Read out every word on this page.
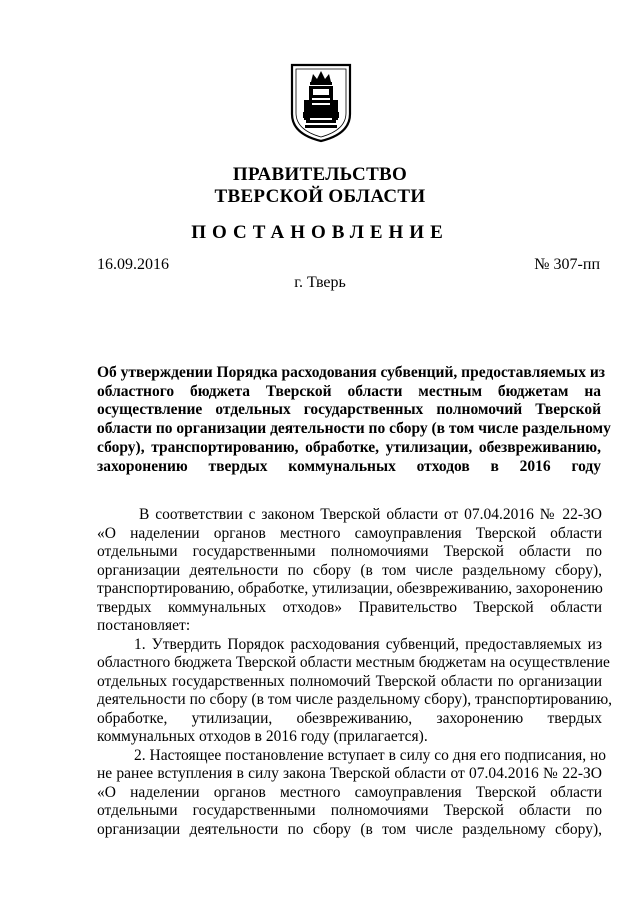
ПРАВИТЕЛЬСТВО
ТВЕРСКОЙ ОБЛАСТИ
ПОСТАНОВЛЕНИЕ
16.09.2016	№ 307-пп
г. Тверь
Об утверждении Порядка расходования субвенций, предоставляемых из
областного бюджета Тверской области местным бюджетам на
осуществление отдельных государственных полномочий Тверской
области по организации деятельности по сбору (в том числе раздельному
сбору), транспортированию, обработке, утилизации, обезвреживанию,
захоронению твердых коммунальных отходов в 2016 году
В соответствии с законом Тверской области от 07.04.2016 № 22-ЗО
«О наделении органов местного самоуправления Тверской области
отдельными государственными полномочиями Тверской области по
организации деятельности по сбору (в том числе раздельному сбору),
транспортированию, обработке, утилизации, обезвреживанию, захоронению
твердых коммунальных отходов» Правительство Тверской области
постановляет:
1. Утвердить Порядок расходования субвенций, предоставляемых из
областного бюджета Тверской области местным бюджетам на осуществление
отдельных государственных полномочий Тверской области по организации
деятельности по сбору (в том числе раздельному сбору), транспортированию,
обработке, утилизации, обезвреживанию, захоронению твердых
коммунальных отходов в 2016 году (прилагается).
2. Настоящее постановление вступает в силу со дня его подписания, но
не ранее вступления в силу закона Тверской области от 07.04.2016 № 22-ЗО
«О наделении органов местного самоуправления Тверской области
отдельными государственными полномочиями Тверской области по
организации деятельности по сбору (в том числе раздельному сбору),
